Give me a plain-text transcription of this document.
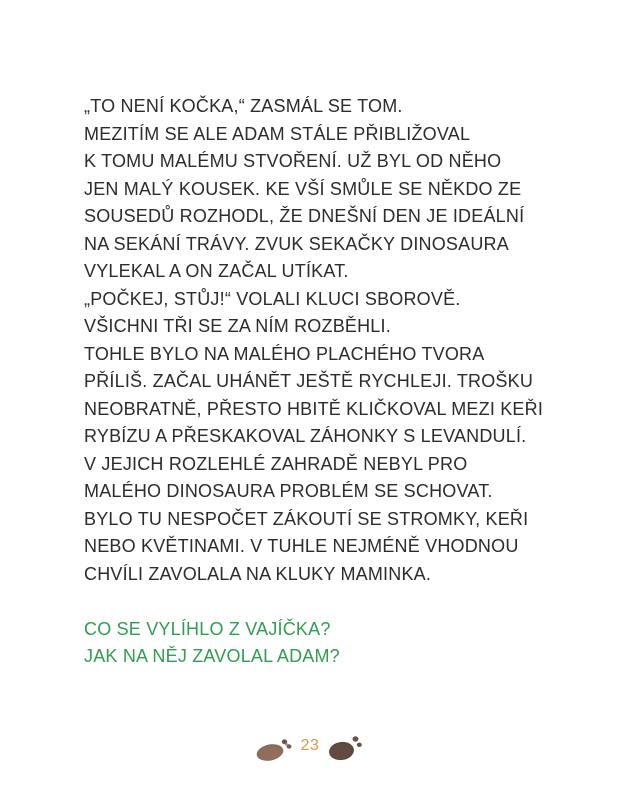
„TO NENÍ KOČKA,“ ZASMÁL SE TOM.
MEZITÍM SE ALE ADAM STÁLE PŘIBLIŽOVAL
K TOMU MALÉMU STVOŘENÍ. UŽ BYL OD NĚHO
JEN MALÝ KOUSEK. KE VŠÍ SMŮLE SE NĚKDO ZE
SOUSEDŮ ROZHODL, ŽE DNEŠNÍ DEN JE IDEÁLNÍ
NA SEKÁNÍ TRÁVY. ZVUK SEKAČKY DINOSAURA
VYLEKAL A ON ZAČAL UTÍKAT.
„POČKEJ, STŮJ!“ VOLALI KLUCI SBOROVĚ.
VŠICHNI TŘI SE ZA NÍM ROZBĚHLI.
TOHLE BYLO NA MALÉHO PLACHÉHO TVORA
PŘÍLIŠ. ZAČAL UHÁNĚT JEŠTĚ RYCHLEJI. TROŠKU
NEOBRATNĚ, PŘESTO HBITĚ KLIČKOVAL MEZI KEŘI
RYBÍZU A PŘESKAKOVAL ZÁHONKY S LEVANDULÍ.
V JEJICH ROZLEHLÉ ZAHRADĚ NEBYL PRO
MALÉHO DINOSAURA PROBLÉM SE SCHOVAT.
BYLO TU NESPOČET ZÁKOUTÍ SE STROMKY, KEŘI
NEBO KVĚTINAMI. V TUHLE NEJMÉNĚ VHODNOU
CHVÍLI ZAVOLALA NA KLUKY MAMINKA.
CO SE VYLÍHLO Z VAJÍČKA?
JAK NA NĚJ ZAVOLAL ADAM?
23
